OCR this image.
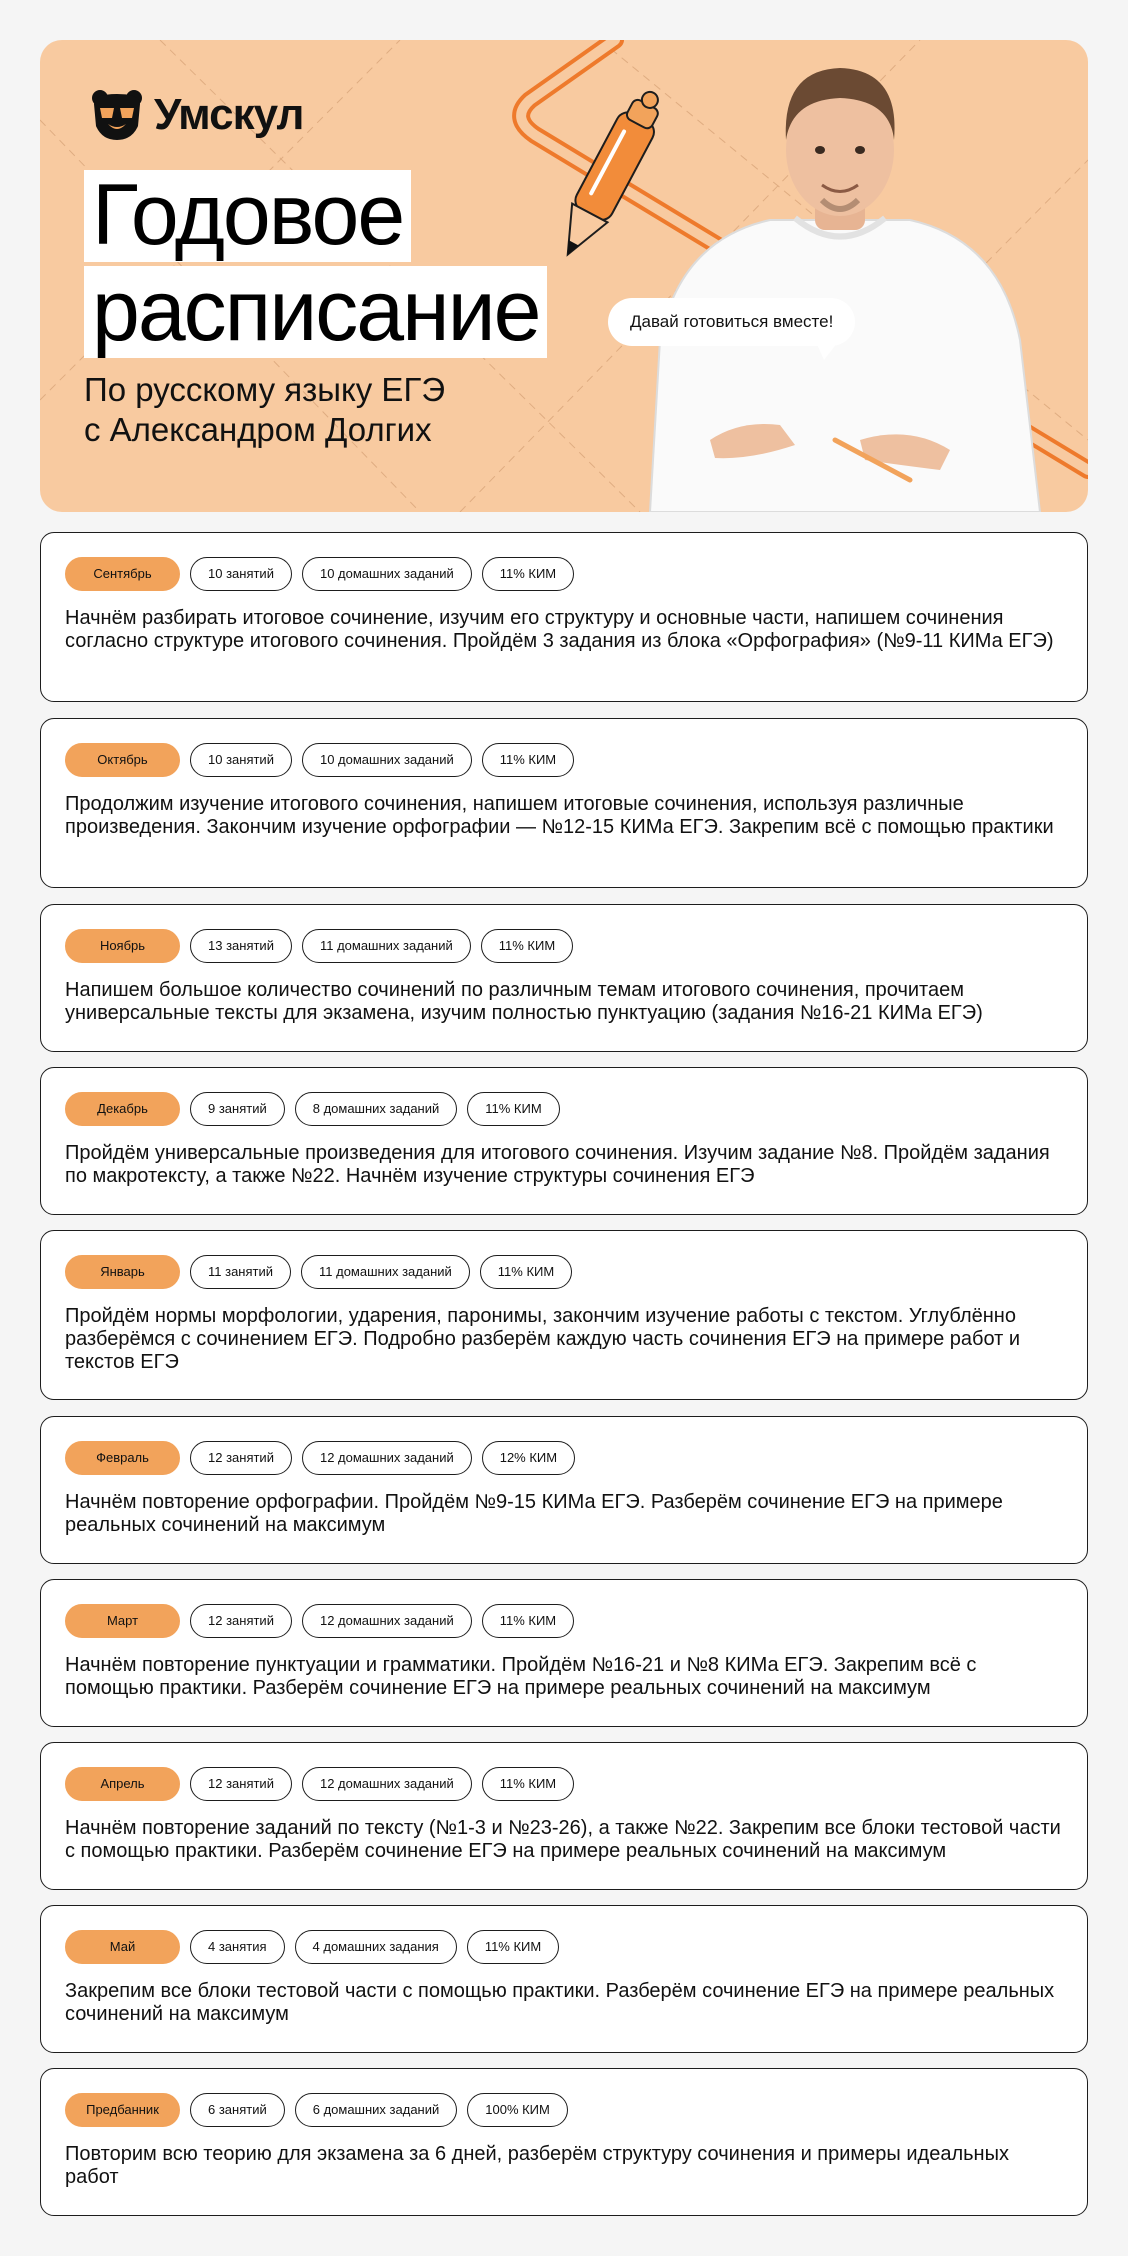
Умскул
Годовое
расписание
По русскому языку ЕГЭ
с Александром Долгих
Давай готовиться вместе!
Сентябрь	10 занятий	10 домашних заданий	11% КИМ
Начнём разбирать итоговое сочинение, изучим его структуру и основные части, напишем сочинения согласно структуре итогового сочинения. Пройдём 3 задания из блока «Орфография» (№9-11 КИМа ЕГЭ)
Октябрь	10 занятий	10 домашних заданий	11% КИМ
Продолжим изучение итогового сочинения, напишем итоговые сочинения, используя различные произведения. Закончим изучение орфографии — №12-15 КИМа ЕГЭ. Закрепим всё с помощью практики
Ноябрь	13 занятий	11 домашних заданий	11% КИМ
Напишем большое количество сочинений по различным темам итогового сочинения, прочитаем универсальные тексты для экзамена, изучим полностью пунктуацию (задания №16-21 КИМа ЕГЭ)
Декабрь	9 занятий	8 домашних заданий	11% КИМ
Пройдём универсальные произведения для итогового сочинения. Изучим задание №8. Пройдём задания по макротексту, а также №22. Начнём изучение структуры сочинения ЕГЭ
Январь	11 занятий	11 домашних заданий	11% КИМ
Пройдём нормы морфологии, ударения, паронимы, закончим изучение работы с текстом. Углублённо разберёмся с сочинением ЕГЭ. Подробно разберём каждую часть сочинения ЕГЭ на примере работ и текстов ЕГЭ
Февраль	12 занятий	12 домашних заданий	12% КИМ
Начнём повторение орфографии. Пройдём №9-15 КИМа ЕГЭ. Разберём сочинение ЕГЭ на примере реальных сочинений на максимум
Март	12 занятий	12 домашних заданий	11% КИМ
Начнём повторение пунктуации и грамматики. Пройдём №16-21 и №8 КИМа ЕГЭ. Закрепим всё с помощью практики. Разберём сочинение ЕГЭ на примере реальных сочинений на максимум
Апрель	12 занятий	12 домашних заданий	11% КИМ
Начнём повторение заданий по тексту (№1-3 и №23-26), а также №22. Закрепим все блоки тестовой части с помощью практики. Разберём сочинение ЕГЭ на примере реальных сочинений на максимум
Май	4 занятия	4 домашних задания	11% КИМ
Закрепим все блоки тестовой части с помощью практики. Разберём сочинение ЕГЭ на примере реальных сочинений на максимум
Предбанник	6 занятий	6 домашних заданий	100% КИМ
Повторим всю теорию для экзамена за 6 дней, разберём структуру сочинения и примеры идеальных работ
